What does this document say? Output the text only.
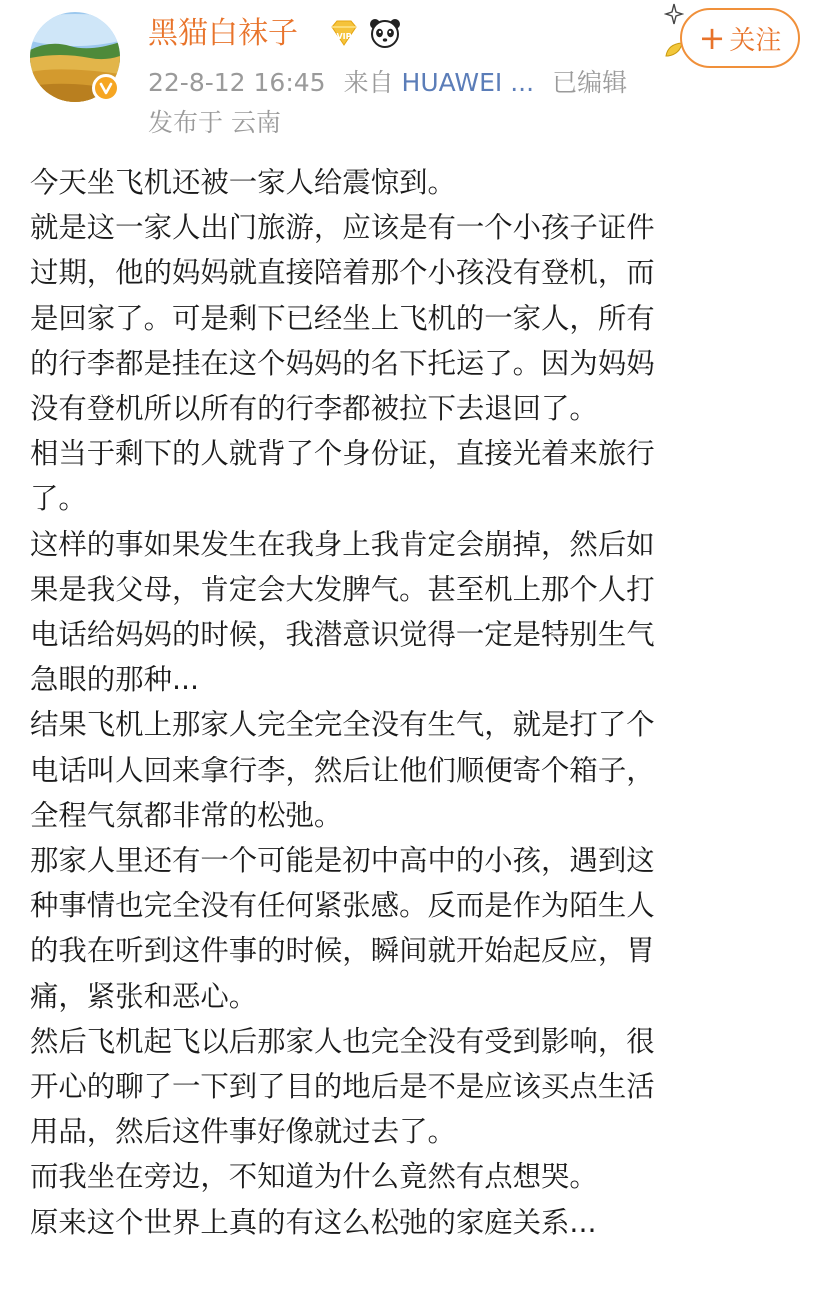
黑猫白袜子	VIP
22-8-12 16:45 来自 HUAWEI ... 已编辑
发布于 云南
+ 关注

今天坐飞机还被一家人给震惊到。

就是这一家人出门旅游，应该是有一个小孩子证件

过期，他的妈妈就直接陪着那个小孩没有登机，而

是回家了。可是剩下已经坐上飞机的一家人，所有

的行李都是挂在这个妈妈的名下托运了。因为妈妈

没有登机所以所有的行李都被拉下去退回了。

相当于剩下的人就背了个身份证，直接光着来旅行

了。

这样的事如果发生在我身上我肯定会崩掉，然后如

果是我父母，肯定会大发脾气。甚至机上那个人打

电话给妈妈的时候，我潜意识觉得一定是特别生气

急眼的那种...

结果飞机上那家人完全完全没有生气，就是打了个

电话叫人回来拿行李，然后让他们顺便寄个箱子，

全程气氛都非常的松弛。

那家人里还有一个可能是初中高中的小孩，遇到这

种事情也完全没有任何紧张感。反而是作为陌生人

的我在听到这件事的时候，瞬间就开始起反应，胃

痛，紧张和恶心。

然后飞机起飞以后那家人也完全没有受到影响，很

开心的聊了一下到了目的地后是不是应该买点生活

用品，然后这件事好像就过去了。

而我坐在旁边，不知道为什么竟然有点想哭。

原来这个世界上真的有这么松弛的家庭关系...
